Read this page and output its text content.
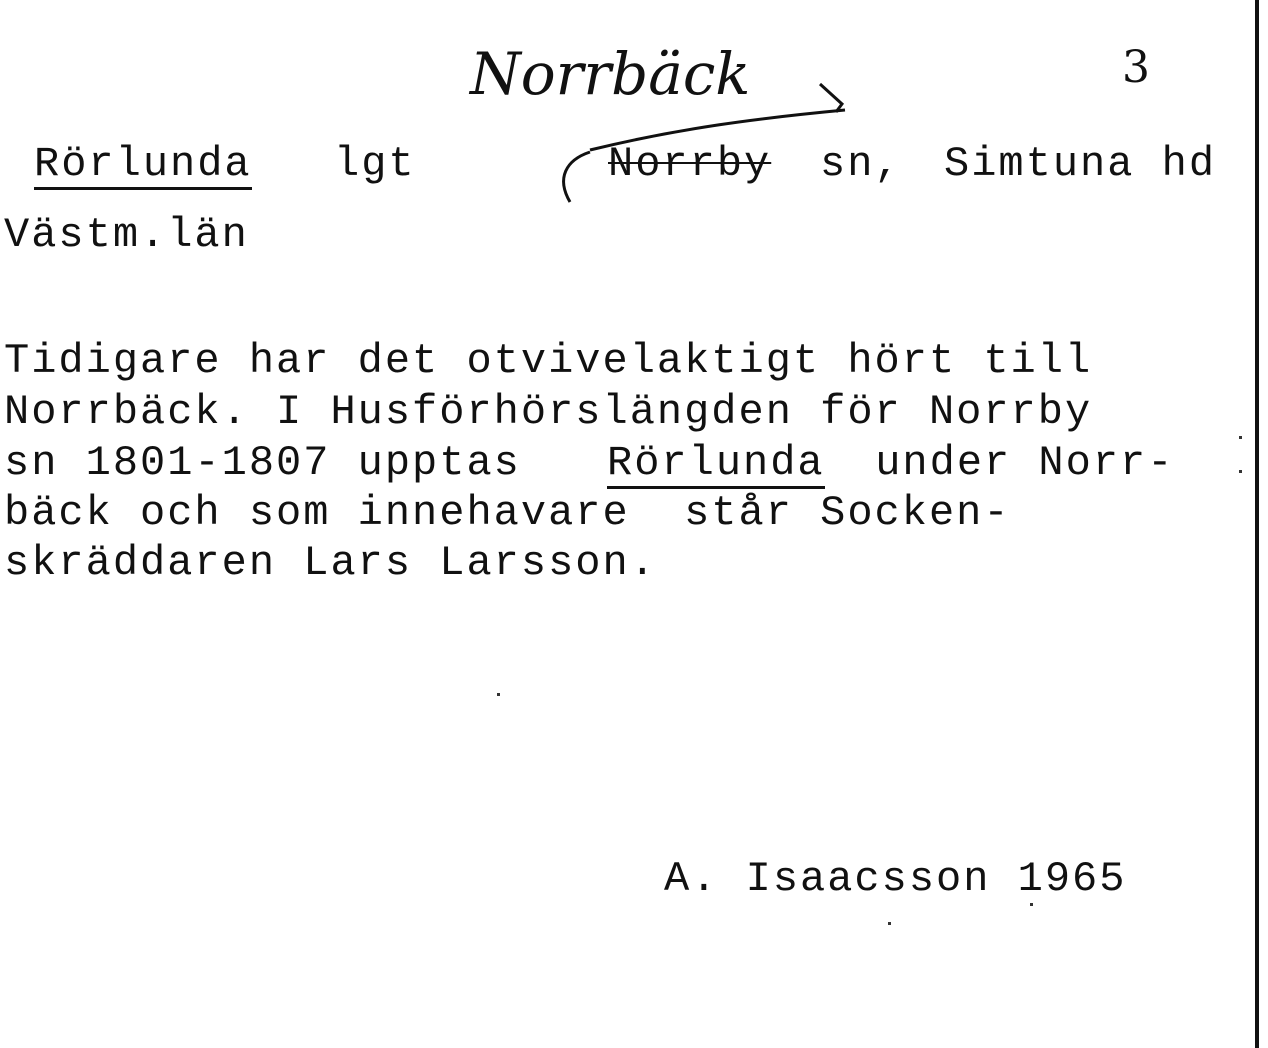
Norrbäck	3
Rörlunda lgt	Norrby sn, Simtuna hd
Västm.län
Tidigare har det otvivelaktigt hört till
Norrbäck. I Husförhörslängden för Norrby
sn 1801-1807 upptas Rörlunda under Norr-
bäck och som innehavare  står Socken-
skräddaren Lars Larsson.
A. Isaacsson 1965
